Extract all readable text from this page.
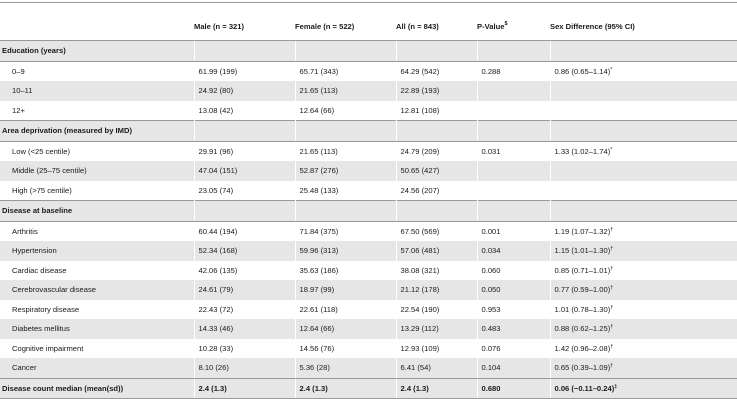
	Male (n = 321)	Female (n = 522)	All (n = 843)	P-Value$	Sex Difference (95% CI)
Education (years)					
0–9	61.99 (199)	65.71 (343)	64.29 (542)	0.288	0.86 (0.65–1.14)*
10–11	24.92 (80)	21.65 (113)	22.89 (193)		
12+	13.08 (42)	12.64 (66)	12.81 (108)		
Area deprivation (measured by IMD)					
Low (<25 centile)	29.91 (96)	21.65 (113)	24.79 (209)	0.031	1.33 (1.02–1.74)*
Middle (25–75 centile)	47.04 (151)	52.87 (276)	50.65 (427)		
High (>75 centile)	23.05 (74)	25.48 (133)	24.56 (207)		
Disease at baseline					
Arthritis	60.44 (194)	71.84 (375)	67.50 (569)	0.001	1.19 (1.07–1.32)†
Hypertension	52.34 (168)	59.96 (313)	57.06 (481)	0.034	1.15 (1.01–1.30)†
Cardiac disease	42.06 (135)	35.63 (186)	38.08 (321)	0.060	0.85 (0.71–1.01)†
Cerebrovascular disease	24.61 (79)	18.97 (99)	21.12 (178)	0.050	0.77 (0.59–1.00)†
Respiratory disease	22.43 (72)	22.61 (118)	22.54 (190)	0.953	1.01 (0.78–1.30)†
Diabetes mellitus	14.33 (46)	12.64 (66)	13.29 (112)	0.483	0.88 (0.62–1.25)†
Cognitive impairment	10.28 (33)	14.56 (76)	12.93 (109)	0.076	1.42 (0.96–2.08)†
Cancer	8.10 (26)	5.36 (28)	6.41 (54)	0.104	0.65 (0.39–1.09)†
Disease count median (mean(sd))	2.4 (1.3)	2.4 (1.3)	2.4 (1.3)	0.680	0.06 (−0.11–0.24)‡
